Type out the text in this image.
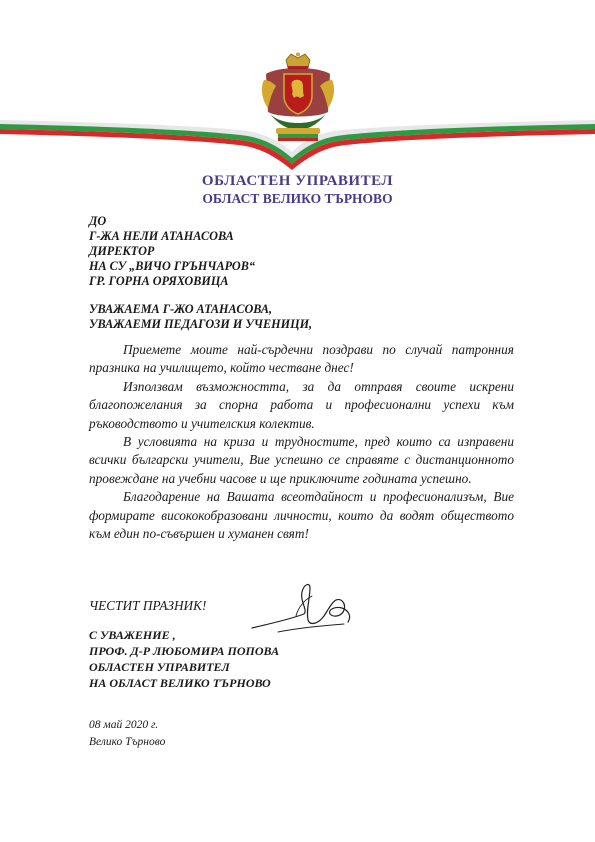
ОБЛАСТЕН УПРАВИТЕЛ
ОБЛАСТ ВЕЛИКО ТЪРНОВО
ДО
Г-ЖА НЕЛИ АТАНАСОВА
ДИРЕКТОР
НА СУ „ВИЧО ГРЪНЧАРОВ“
ГР. ГОРНА ОРЯХОВИЦА
УВАЖАЕМА Г-ЖО АТАНАСОВА,
УВАЖАЕМИ ПЕДАГОЗИ И УЧЕНИЦИ,

Приемете моите най-сърдечни поздрави по случай патронния празника на училището, който честване днес!

Използвам възможността, за да отправя своите искрени благопожелания за спорна работа и професионални успехи към ръководството и учителския колектив.

В условията на криза и трудностите, пред които са изправени всички български учители, Вие успешно се справяте с дистанционното провеждане на учебни часове и ще приключите годината успешно.

Благодарение на Вашата всеотдайност и професионализъм, Вие формирате висококобразовани личности, които да водят обществото към един по-съвършен и хуманен свят!

ЧЕСТИТ ПРАЗНИК!
С УВАЖЕНИЕ ,
ПРОФ. Д-Р ЛЮБОМИРА ПОПОВА
ОБЛАСТЕН УПРАВИТЕЛ
НА ОБЛАСТ ВЕЛИКО ТЪРНОВО
08 май 2020 г.
Велико Търново
